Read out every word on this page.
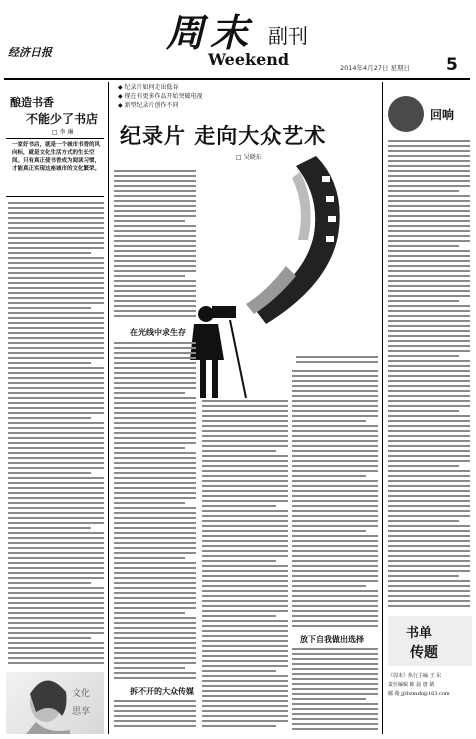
经济日报	周末 副刊
Weekend	2014年4月27日 星期日 5
◆ 纪录片如何走出低谷
◆ 现在有更多作品开始突破电视
◆ 新型纪录片创作不同
酿造书香
不能少了书店
□ 李 琳
一家好书店，就是一个城市书香的风向标，就是文化生活方式的生长空间。只有真正使书香成为阅读习惯，才能真正实现这座城市的文化繁荣。
文化
思享
回响
《周末》执行主编 王 东
责任编辑 陈 晨 唐 婧
邮 箱 jjrbzmzk@163.com
纪录片 走向大众艺术
□ 吴晓东
在光线中求生存
拆不开的大众传媒
放下自我做出选择	书单
传题
